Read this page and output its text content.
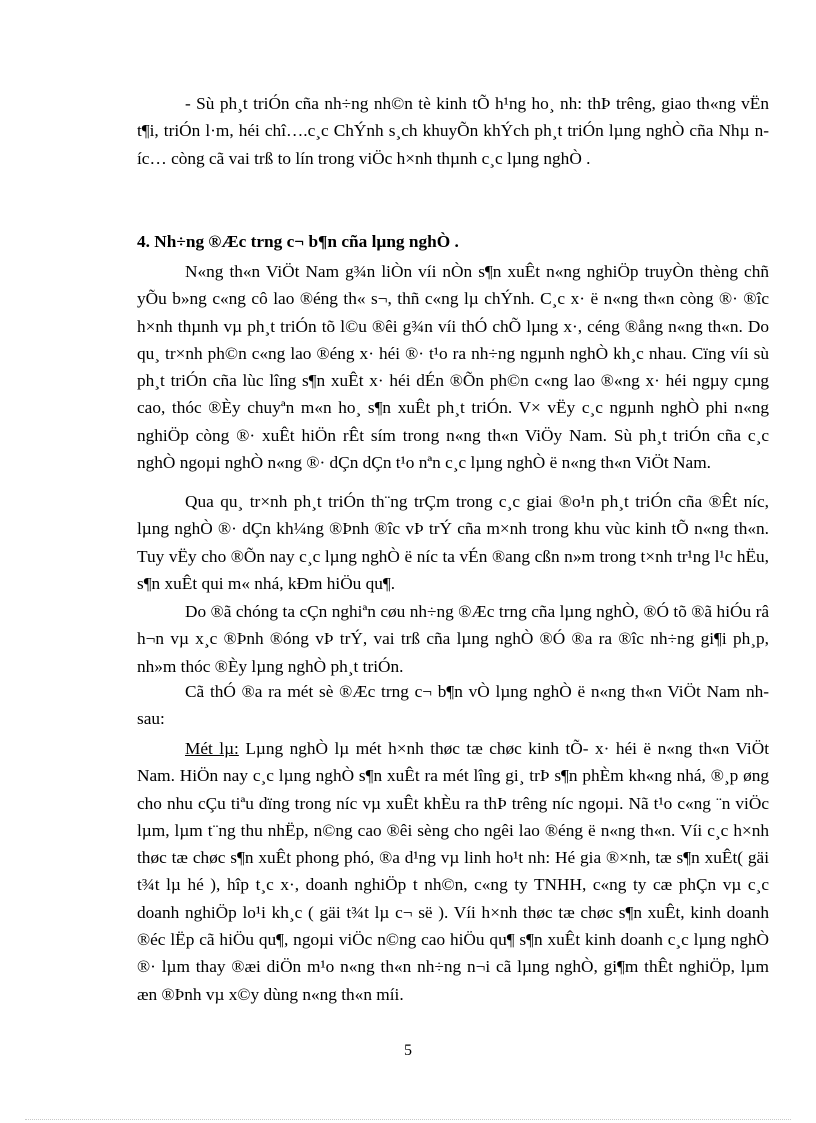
- Sù ph¸t triÓn cña nh÷ng nh©n tè kinh tÕ h¹ng ho¸ nh: thÞ trêng, giao th«ng vËn t¶i, triÓn l·m, héi chî….c¸c ChÝnh s¸ch khuyÕn khÝch ph¸t triÓn lµng nghÒ cña Nhµ níc… còng cã vai trß to lín trong viÖc h×nh thµnh c¸c lµng nghÒ .

4. Nh÷ng ®Æc trng c¬ b¶n cña lµng nghÒ .

N«ng th«n ViÖt Nam g¾n liÒn víi nÒn s¶n xuÊt n«ng nghiÖp truyÒn thèng chñ yÕu b»ng c«ng cô lao ®éng th« s¬, thñ c«ng lµ chÝnh. C¸c x· ë n«ng th«n còng ®· ®îc h×nh thµnh vµ ph¸t triÓn tõ l©u ®êi g¾n víi thÓ chÕ lµng x·, céng ®ång n«ng th«n. Do qu¸ tr×nh ph©n c«ng lao ®éng x· héi ®· t¹o ra nh÷ng ngµnh nghÒ kh¸c nhau. Cïng víi sù ph¸t triÓn cña lùc lîng s¶n xuÊt x· héi dÉn ®Õn ph©n c«ng lao ®«ng x· héi ngµy cµng cao, thóc ®Èy chuyªn m«n ho¸ s¶n xuÊt ph¸t triÓn. V× vËy c¸c ngµnh nghÒ phi n«ng nghiÖp còng ®· xuÊt hiÖn rÊt sím trong n«ng th«n ViÖy Nam. Sù ph¸t triÓn cña c¸c nghÒ ngoµi nghÒ n«ng ®· dÇn dÇn t¹o nªn c¸c lµng nghÒ ë n«ng th«n ViÖt Nam.

Qua qu¸ tr×nh ph¸t triÓn th¨ng trÇm trong c¸c giai ®o¹n ph¸t triÓn cña ®Êt níc, lµng nghÒ ®· dÇn kh¼ng ®Þnh ®îc vÞ trÝ cña m×nh trong khu vùc kinh tÕ n«ng th«n. Tuy vËy cho ®Õn nay c¸c lµng nghÒ ë níc ta vÉn ®ang cßn n»m trong t×nh tr¹ng l¹c hËu, s¶n xuÊt qui m« nhá, kÐm hiÖu qu¶.

Do ®ã chóng ta cÇn nghiªn cøu nh÷ng ®Æc trng cña lµng nghÒ, ®Ó tõ ®ã hiÓu râ h¬n vµ x¸c ®Þnh ®óng vÞ trÝ, vai trß cña lµng nghÒ ®Ó ®a ra ®îc nh÷ng gi¶i ph¸p, nh»m thóc ®Èy lµng nghÒ ph¸t triÓn.

Cã thÓ ®a ra mét sè ®Æc trng c¬ b¶n vÒ lµng nghÒ ë n«ng th«n ViÖt Nam nh sau:

Mét lµ: Lµng nghÒ lµ mét h×nh thøc tæ chøc kinh tÕ- x· héi ë n«ng th«n ViÖt Nam. HiÖn nay c¸c lµng nghÒ s¶n xuÊt ra mét lîng gi¸ trÞ s¶n phÈm kh«ng nhá, ®¸p øng cho nhu cÇu tiªu dïng trong níc vµ xuÊt khÈu ra thÞ trêng níc ngoµi. Nã t¹o c«ng ¨n viÖc lµm, lµm t¨ng thu nhËp, n©ng cao ®êi sèng cho ngêi lao ®éng ë n«ng th«n. Víi c¸c h×nh thøc tæ chøc s¶n xuÊt phong phó, ®a d¹ng vµ linh ho¹t nh: Hé gia ®×nh, tæ s¶n xuÊt( gäi t¾t lµ hé ), hîp t¸c x·, doanh nghiÖp t nh©n, c«ng ty TNHH, c«ng ty cæ phÇn vµ c¸c doanh nghiÖp lo¹i kh¸c ( gäi t¾t lµ c¬ së ). Víi h×nh thøc tæ chøc s¶n xuÊt, kinh doanh ®éc lËp cã hiÖu qu¶, ngoµi viÖc n©ng cao hiÖu qu¶ s¶n xuÊt kinh doanh c¸c lµng nghÒ ®· lµm thay ®æi diÖn m¹o n«ng th«n nh÷ng n¬i cã lµng nghÒ, gi¶m thÊt nghiÖp, lµm æn ®Þnh vµ x©y dùng n«ng th«n míi.

5
